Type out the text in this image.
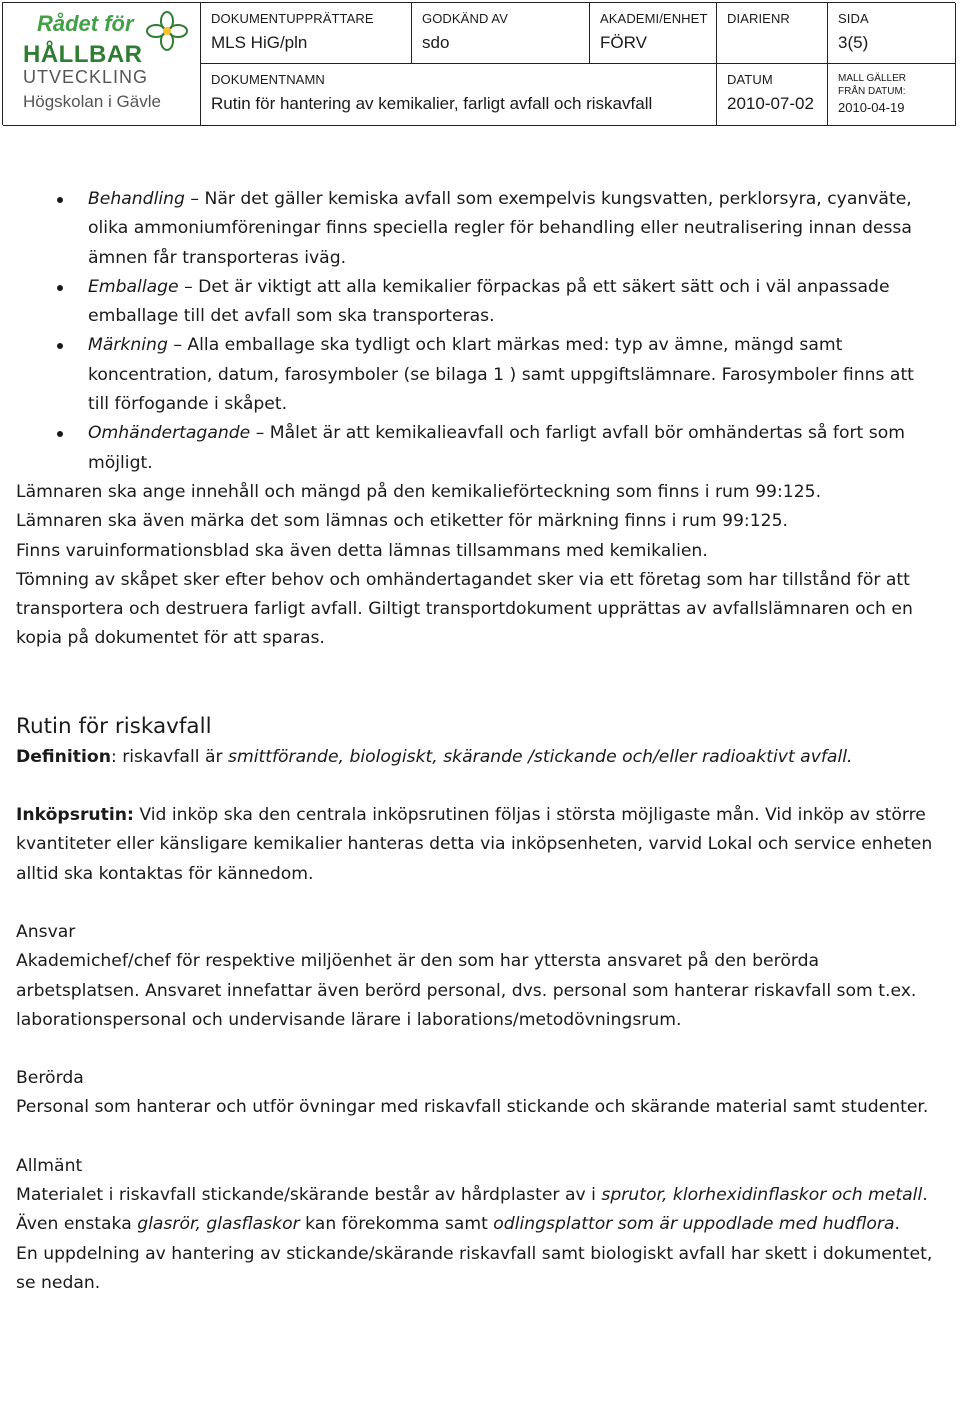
Rådet för
HÅLLBAR
UTVECKLING
Högskolan i Gävle
DOKUMENTUPPRÄTTARE
MLS HiG/pln
GODKÄND AV
sdo
AKADEMI/ENHET
FÖRV
DIARIENR	SIDA
3(5)
DOKUMENTNAMN
Rutin för hantering av kemikalier, farligt avfall och riskavfall
DATUM
2010-07-02
MALL GÄLLER
FRÅN DATUM:
2010-04-19
Behandling – När det gäller kemiska avfall som exempelvis kungsvatten, perklorsyra, cyanväte, olika ammoniumföreningar finns speciella regler för behandling eller neutralisering innan dessa ämnen får transporteras iväg.
Emballage – Det är viktigt att alla kemikalier förpackas på ett säkert sätt och i väl anpassade emballage till det avfall som ska transporteras.
Märkning – Alla emballage ska tydligt och klart märkas med: typ av ämne, mängd samt koncentration, datum, farosymboler (se bilaga 1 ) samt uppgiftslämnare. Farosymboler finns att till förfogande i skåpet.
Omhändertagande – Målet är att kemikalieavfall och farligt avfall bör omhändertas så fort som möjligt.

Lämnaren ska ange innehåll och mängd på den kemikalieförteckning som finns i rum 99:125.

Lämnaren ska även märka det som lämnas och etiketter för märkning finns i rum 99:125.

Finns varuinformationsblad ska även detta lämnas tillsammans med kemikalien.

Tömning av skåpet sker efter behov och omhändertagandet sker via ett företag som har tillstånd för att transportera och destruera farligt avfall. Giltigt transportdokument upprättas av avfallslämnaren och en kopia på dokumentet för att sparas.

Rutin för riskavfall

Definition: riskavfall är smittförande, biologiskt, skärande /stickande och/eller radioaktivt avfall.

Inköpsrutin: Vid inköp ska den centrala inköpsrutinen följas i största möjligaste mån. Vid inköp av större kvantiteter eller känsligare kemikalier hanteras detta via inköpsenheten, varvid Lokal och service enheten alltid ska kontaktas för kännedom.

Ansvar

Akademichef/chef för respektive miljöenhet är den som har yttersta ansvaret på den berörda arbetsplatsen. Ansvaret innefattar även berörd personal, dvs. personal som hanterar riskavfall som t.ex. laborationspersonal och undervisande lärare i laborations/metodövningsrum.

Berörda

Personal som hanterar och utför övningar med riskavfall stickande och skärande material samt studenter.

Allmänt

Materialet i riskavfall stickande/skärande består av hårdplaster av i sprutor, klorhexidinflaskor och metall. Även enstaka glasrör, glasflaskor kan förekomma samt odlingsplattor som är uppodlade med hudflora.

En uppdelning av hantering av stickande/skärande riskavfall samt biologiskt avfall har skett i dokumentet, se nedan.
